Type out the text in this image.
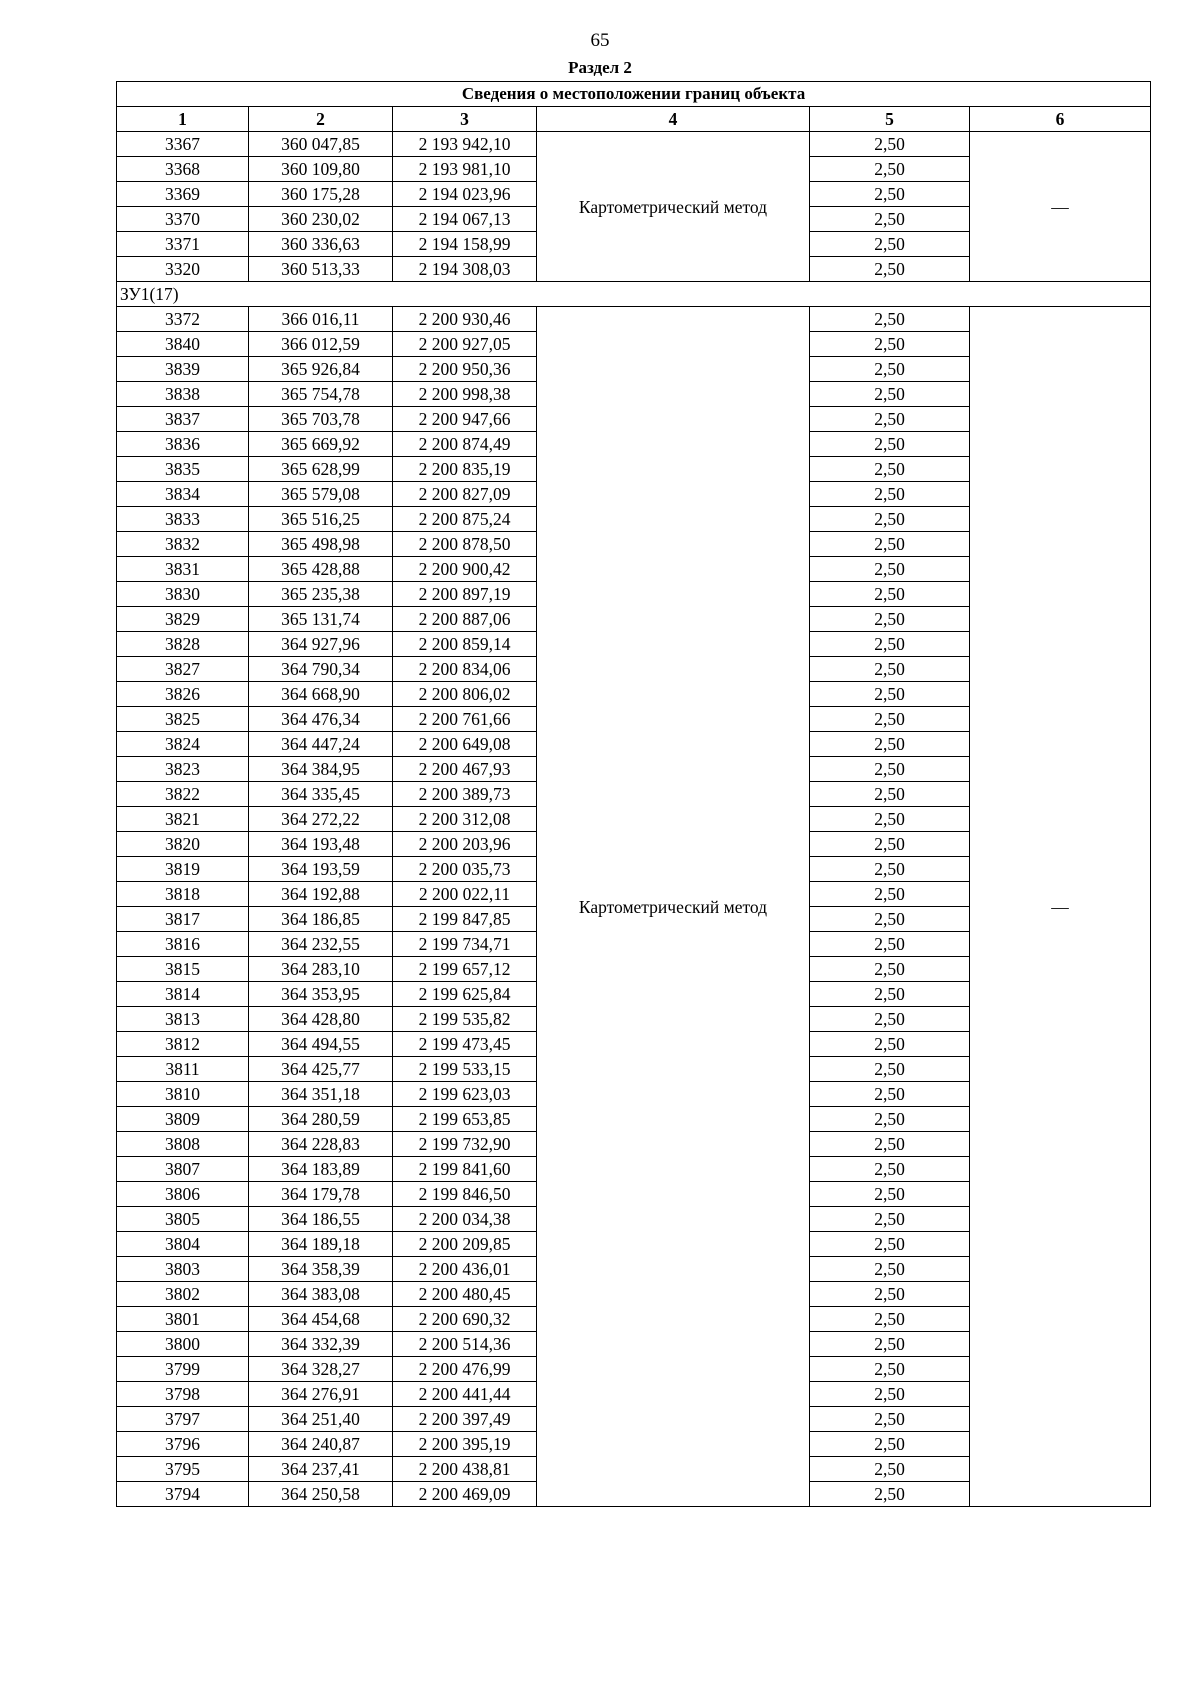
65
Раздел 2
Сведения о местоположении границ объекта					
1	2	3	4	5	6
3367	360 047,85	2 193 942,10	Картометрический метод	2,50	—
3368	360 109,80	2 193 981,10		2,50	
3369	360 175,28	2 194 023,96		2,50	
3370	360 230,02	2 194 067,13		2,50	
3371	360 336,63	2 194 158,99		2,50	
3320	360 513,33	2 194 308,03		2,50	
ЗУ1(17)					
3372	366 016,11	2 200 930,46	Картометрический метод	2,50	—
3840	366 012,59	2 200 927,05		2,50	
3839	365 926,84	2 200 950,36		2,50	
3838	365 754,78	2 200 998,38		2,50	
3837	365 703,78	2 200 947,66		2,50	
3836	365 669,92	2 200 874,49		2,50	
3835	365 628,99	2 200 835,19		2,50	
3834	365 579,08	2 200 827,09		2,50	
3833	365 516,25	2 200 875,24		2,50	
3832	365 498,98	2 200 878,50		2,50	
3831	365 428,88	2 200 900,42		2,50	
3830	365 235,38	2 200 897,19		2,50	
3829	365 131,74	2 200 887,06		2,50	
3828	364 927,96	2 200 859,14		2,50	
3827	364 790,34	2 200 834,06		2,50	
3826	364 668,90	2 200 806,02		2,50	
3825	364 476,34	2 200 761,66		2,50	
3824	364 447,24	2 200 649,08		2,50	
3823	364 384,95	2 200 467,93		2,50	
3822	364 335,45	2 200 389,73		2,50	
3821	364 272,22	2 200 312,08		2,50	
3820	364 193,48	2 200 203,96		2,50	
3819	364 193,59	2 200 035,73		2,50	
3818	364 192,88	2 200 022,11		2,50	
3817	364 186,85	2 199 847,85		2,50	
3816	364 232,55	2 199 734,71		2,50	
3815	364 283,10	2 199 657,12		2,50	
3814	364 353,95	2 199 625,84		2,50	
3813	364 428,80	2 199 535,82		2,50	
3812	364 494,55	2 199 473,45		2,50	
3811	364 425,77	2 199 533,15		2,50	
3810	364 351,18	2 199 623,03		2,50	
3809	364 280,59	2 199 653,85		2,50	
3808	364 228,83	2 199 732,90		2,50	
3807	364 183,89	2 199 841,60		2,50	
3806	364 179,78	2 199 846,50		2,50	
3805	364 186,55	2 200 034,38		2,50	
3804	364 189,18	2 200 209,85		2,50	
3803	364 358,39	2 200 436,01		2,50	
3802	364 383,08	2 200 480,45		2,50	
3801	364 454,68	2 200 690,32		2,50	
3800	364 332,39	2 200 514,36		2,50	
3799	364 328,27	2 200 476,99		2,50	
3798	364 276,91	2 200 441,44		2,50	
3797	364 251,40	2 200 397,49		2,50	
3796	364 240,87	2 200 395,19		2,50	
3795	364 237,41	2 200 438,81		2,50	
3794	364 250,58	2 200 469,09		2,50	
